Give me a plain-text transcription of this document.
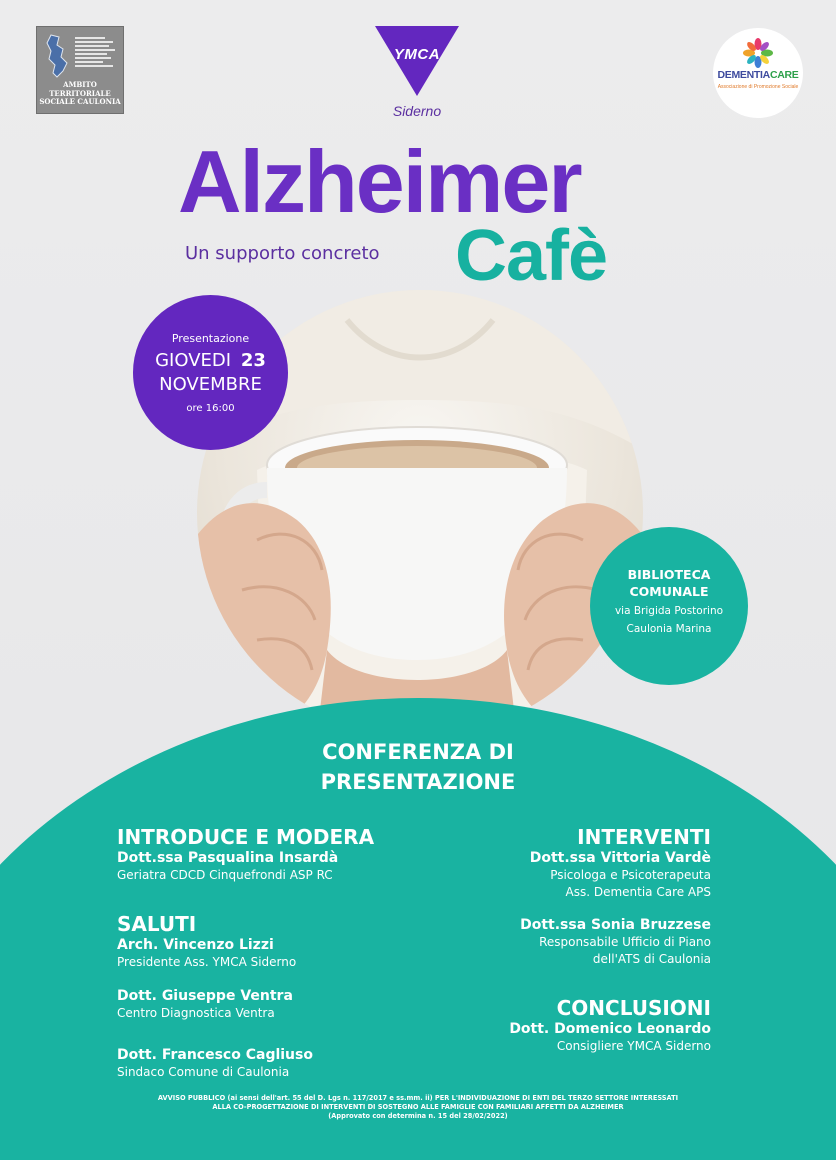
AMBITO
TERRITORIALE
SOCIALE CAULONIA
YMCA
Siderno
DEMENTIACARE
Associazione di Promozione Sociale
Alzheimer
Un supporto concreto Cafè
Presentazione
GIOVEDI 23
NOVEMBRE
ore 16:00
BIBLIOTECA
COMUNALE
via Brigida Postorino
Caulonia Marina
CONFERENZA DI
PRESENTAZIONE
INTRODUCE E MODERA
Dott.ssa Pasqualina Insardà
Geriatra CDCD Cinquefrondi ASP RC
SALUTI
Arch. Vincenzo Lizzi
Presidente Ass. YMCA Siderno
Dott. Giuseppe Ventra
Centro Diagnostica Ventra
Dott. Francesco Cagliuso
Sindaco Comune di Caulonia
INTERVENTI
Dott.ssa Vittoria Vardè
Psicologa e Psicoterapeuta
Ass. Dementia Care APS
Dott.ssa Sonia Bruzzese
Responsabile Ufficio di Piano
dell'ATS di Caulonia
CONCLUSIONI
Dott. Domenico Leonardo
Consigliere YMCA Siderno
AVVISO PUBBLICO (ai sensi dell'art. 55 del D. Lgs n. 117/2017 e ss.mm. ii) PER L'INDIVIDUAZIONE DI ENTI DEL TERZO SETTORE INTERESSATI
ALLA CO-PROGETTAZIONE DI INTERVENTI DI SOSTEGNO ALLE FAMIGLIE CON FAMILIARI AFFETTI DA ALZHEIMER
(Approvato con determina n. 15 del 28/02/2022)
